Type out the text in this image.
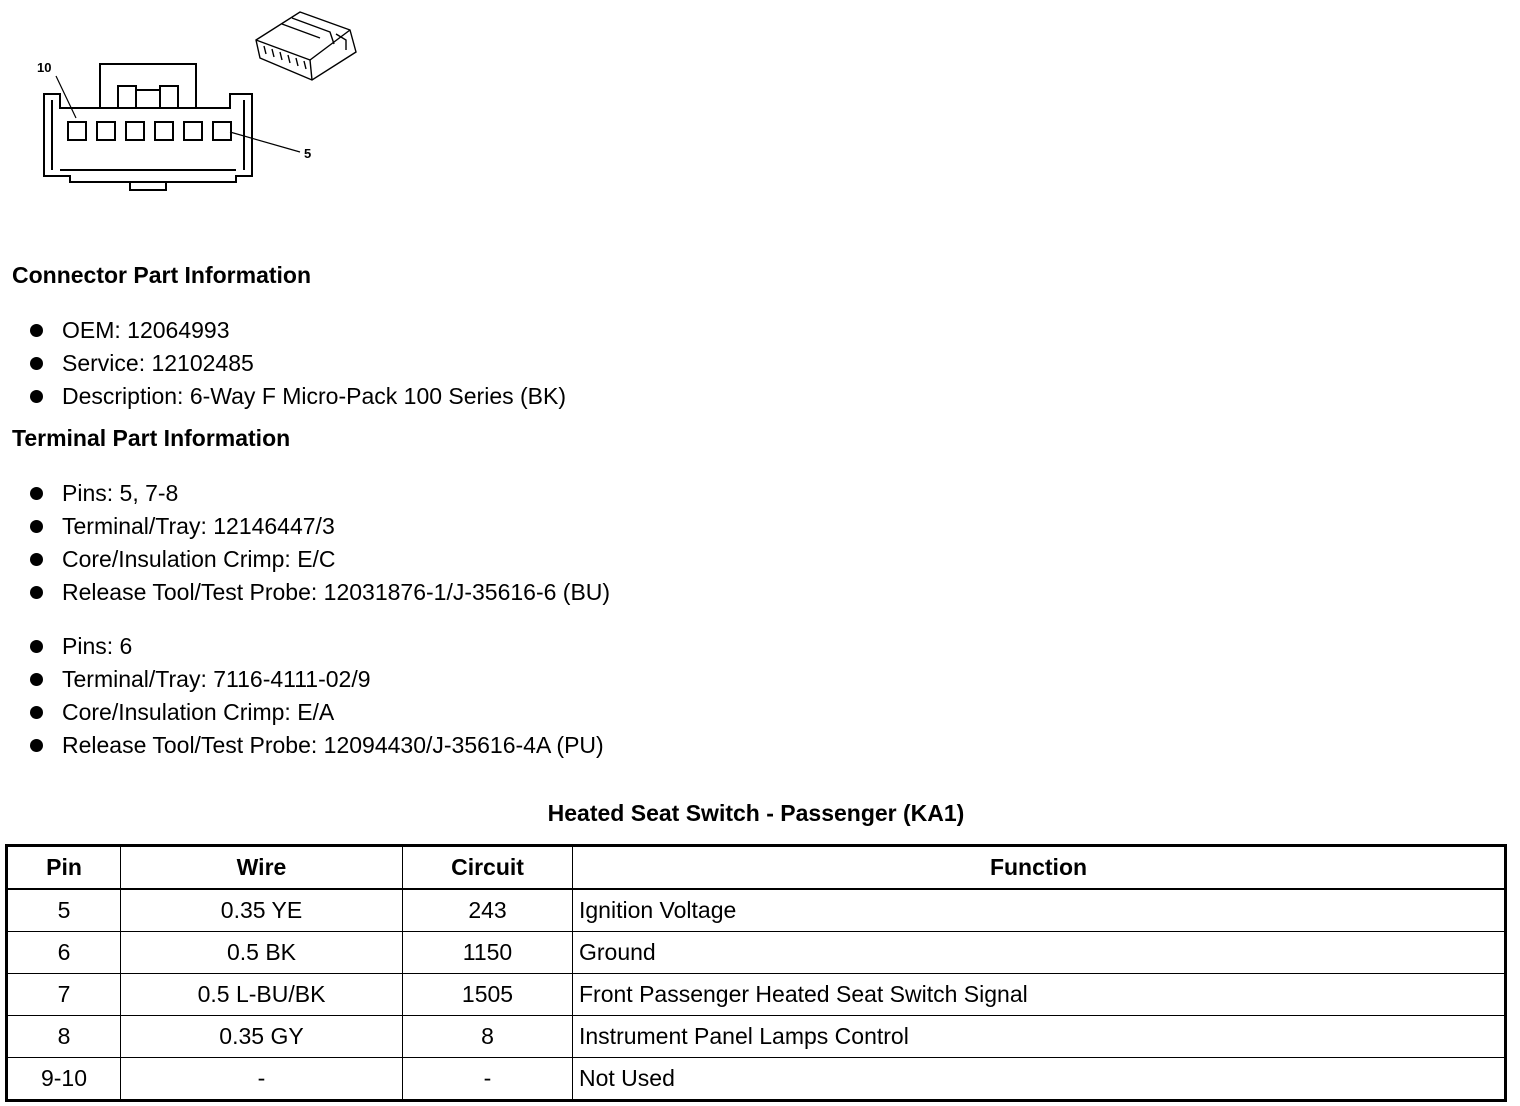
10
5
Connector Part Information
OEM: 12064993
Service: 12102485
Description: 6-Way F Micro-Pack 100 Series (BK)
Terminal Part Information
Pins: 5, 7-8
Terminal/Tray: 12146447/3
Core/Insulation Crimp: E/C
Release Tool/Test Probe: 12031876-1/J-35616-6 (BU)
Pins: 6
Terminal/Tray: 7116-4111-02/9
Core/Insulation Crimp: E/A
Release Tool/Test Probe: 12094430/J-35616-4A (PU)
Heated Seat Switch - Passenger (KA1)
Pin	Wire	Circuit	Function
5	0.35 YE	243	Ignition Voltage
6	0.5 BK	1150	Ground
7	0.5 L-BU/BK	1505	Front Passenger Heated Seat Switch Signal
8	0.35 GY	8	Instrument Panel Lamps Control
9-10	-	-	Not Used
